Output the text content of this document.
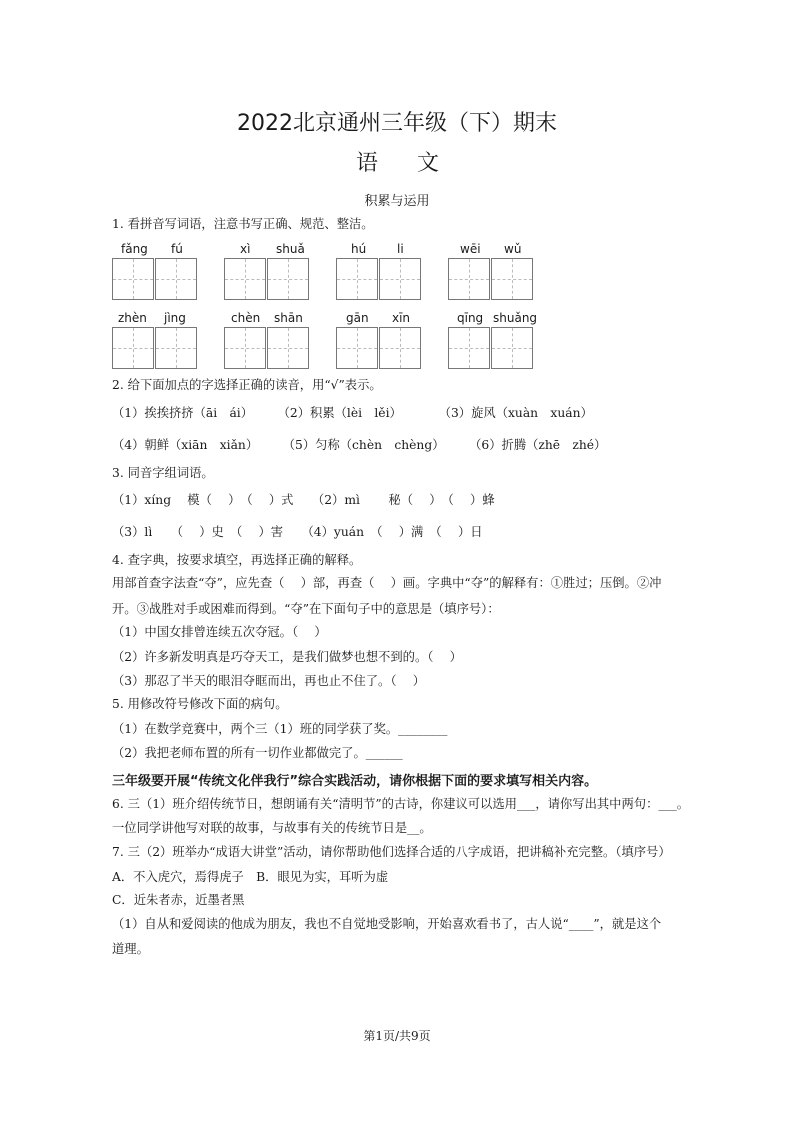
2022北京通州三年级（下）期末
语 文
积累与运用
1. 看拼音写词语，注意书写正确、规范、整洁。
fǎng fú	xì shuǎ	hú	li	wēi wǔ
zhèn jìng	chèn shān	gān xīn	qīng shuǎng
2. 给下面加点的字选择正确的读音，用“√”表示。
（1）挨挨挤挤（āi　ái）　　　（2）积累（lèi　lěi）　　　　（3）旋风（xuàn　xuán）
（4）朝鲜（xiān　xiǎn）　　　（5）匀称（chèn　chèng）　　　（6）折腾（zhē　zhé）
3. 同音字组词语。
（1）xíng　 模（　 ）　（　 ）式　　（2）mì　　 秘（　 ）　（　 ）蜂
（3）lì　　（　 ）史　（　 ）害　　（4）yuán　（　 ）满　（　 ）日
4. 查字典，按要求填空，再选择正确的解释。
用部首查字法查“夺”，应先查（　 ）部，再查（　 ）画。字典中“夺”的解释有：①胜过；压倒。②冲
开。③战胜对手或困难而得到。“夺”在下面句子中的意思是（填序号）：
（1）中国女排曾连续五次夺冠。（　 ）
（2）许多新发明真是巧夺天工，是我们做梦也想不到的。（　 ）
（3）那忍了半天的眼泪夺眶而出，再也止不住了。（　 ）
5. 用修改符号修改下面的病句。
（1）在数学竞赛中，两个三（1）班的同学获了奖。________
（2）我把老师布置的所有一切作业都做完了。______
三年级要开展“传统文化伴我行”综合实践活动，请你根据下面的要求填写相关内容。
6. 三（1）班介绍传统节日，想朗诵有关“清明节”的古诗，你建议可以选用___，请你写出其中两句：___。
一位同学讲他写对联的故事，与故事有关的传统节日是__。
7. 三（2）班举办“成语大讲堂”活动，请你帮助他们选择合适的八字成语，把讲稿补充完整。（填序号）
A．不入虎穴，焉得虎子　B．眼见为实，耳听为虚
C．近朱者赤，近墨者黑
（1）自从和爱阅读的他成为朋友，我也不自觉地受影响，开始喜欢看书了，古人说“____”，就是这个
道理。
第1页/共9页
